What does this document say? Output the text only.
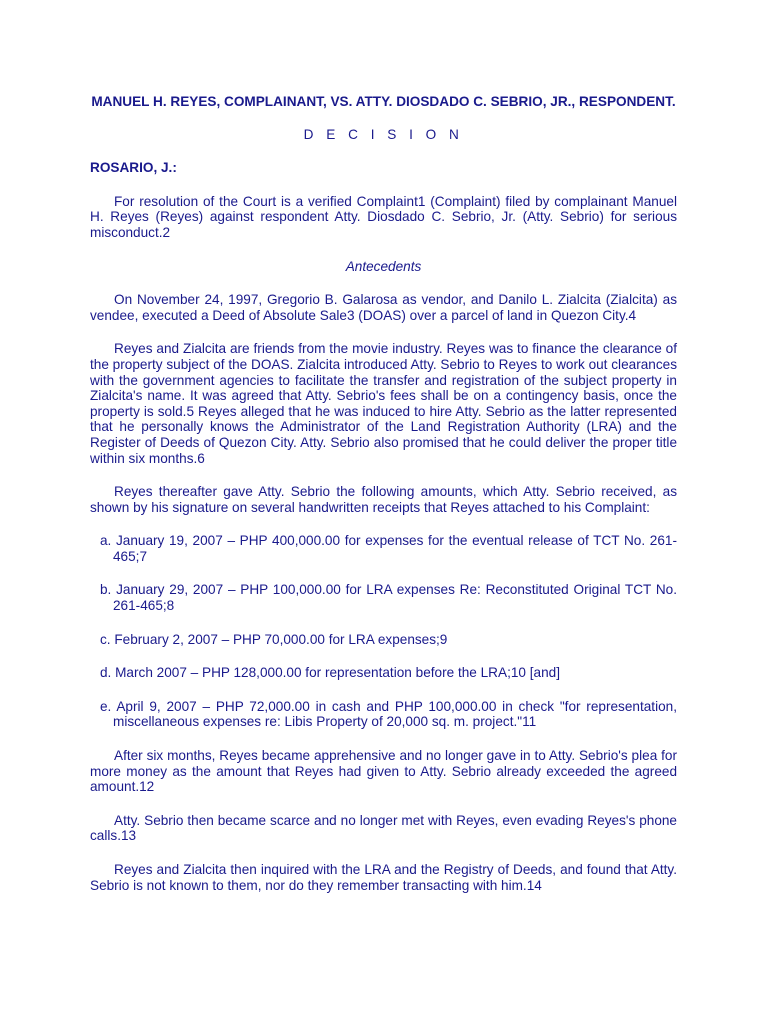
MANUEL H. REYES, COMPLAINANT, VS. ATTY. DIOSDADO C. SEBRIO, JR., RESPONDENT.

D E C I S I O N

ROSARIO, J.:

For resolution of the Court is a verified Complaint1 (Complaint) filed by complainant Manuel H. Reyes (Reyes) against respondent Atty. Diosdado C. Sebrio, Jr. (Atty. Sebrio) for serious misconduct.2

Antecedents

On November 24, 1997, Gregorio B. Galarosa as vendor, and Danilo L. Zialcita (Zialcita) as vendee, executed a Deed of Absolute Sale3 (DOAS) over a parcel of land in Quezon City.4

Reyes and Zialcita are friends from the movie industry. Reyes was to finance the clearance of the property subject of the DOAS. Zialcita introduced Atty. Sebrio to Reyes to work out clearances with the government agencies to facilitate the transfer and registration of the subject property in Zialcita's name. It was agreed that Atty. Sebrio's fees shall be on a contingency basis, once the property is sold.5 Reyes alleged that he was induced to hire Atty. Sebrio as the latter represented that he personally knows the Administrator of the Land Registration Authority (LRA) and the Register of Deeds of Quezon City. Atty. Sebrio also promised that he could deliver the proper title within six months.6

Reyes thereafter gave Atty. Sebrio the following amounts, which Atty. Sebrio received, as shown by his signature on several handwritten receipts that Reyes attached to his Complaint:

a. January 19, 2007 – PHP 400,000.00 for expenses for the eventual release of TCT No. 261-465;7
b. January 29, 2007 – PHP 100,000.00 for LRA expenses Re: Reconstituted Original TCT No. 261-465;8
c. February 2, 2007 – PHP 70,000.00 for LRA expenses;9
d. March 2007 – PHP 128,000.00 for representation before the LRA;10 [and]
e. April 9, 2007 – PHP 72,000.00 in cash and PHP 100,000.00 in check "for representation, miscellaneous expenses re: Libis Property of 20,000 sq. m. project."11

After six months, Reyes became apprehensive and no longer gave in to Atty. Sebrio's plea for more money as the amount that Reyes had given to Atty. Sebrio already exceeded the agreed amount.12

Atty. Sebrio then became scarce and no longer met with Reyes, even evading Reyes's phone calls.13

Reyes and Zialcita then inquired with the LRA and the Registry of Deeds, and found that Atty. Sebrio is not known to them, nor do they remember transacting with him.14
